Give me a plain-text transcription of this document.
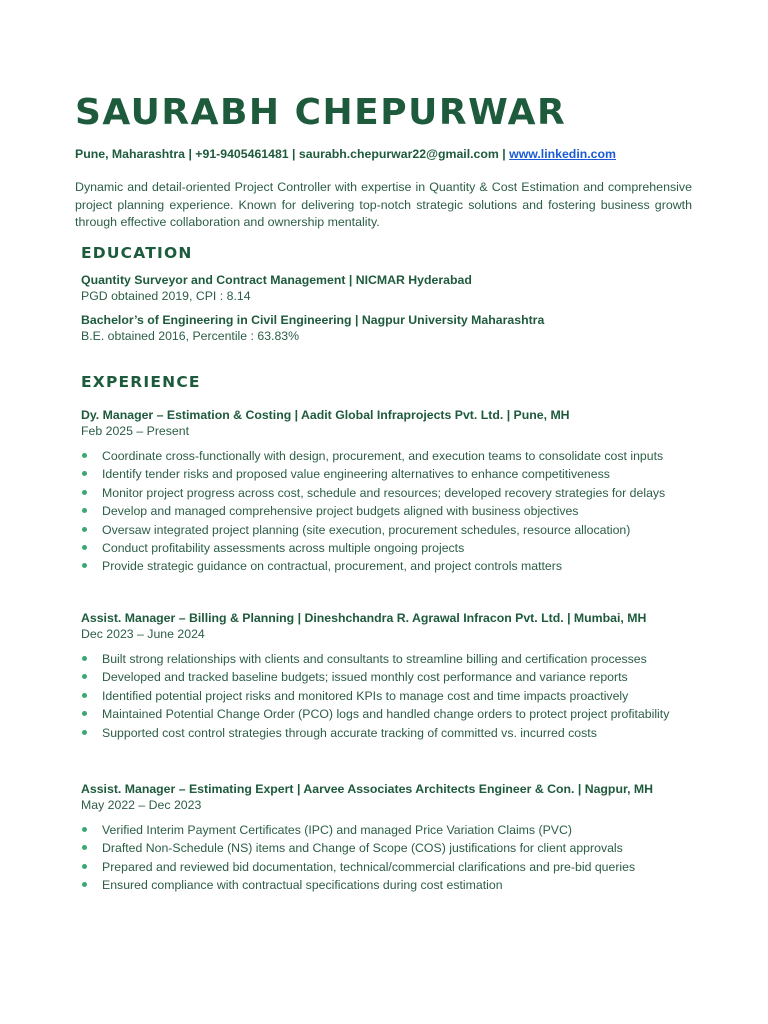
SAURABH CHEPURWAR
Pune, Maharashtra | +91-9405461481 | saurabh.chepurwar22@gmail.com | www.linkedin.com
Dynamic and detail-oriented Project Controller with expertise in Quantity & Cost Estimation and comprehensive project planning experience. Known for delivering top-notch strategic solutions and fostering business growth through effective collaboration and ownership mentality.
EDUCATION
Quantity Surveyor and Contract Management | NICMAR Hyderabad
PGD obtained 2019, CPI : 8.14
Bachelor’s of Engineering in Civil Engineering | Nagpur University Maharashtra
B.E. obtained 2016, Percentile : 63.83%
EXPERIENCE
Dy. Manager – Estimation & Costing | Aadit Global Infraprojects Pvt. Ltd. | Pune, MH
Feb 2025 – Present
Coordinate cross-functionally with design, procurement, and execution teams to consolidate cost inputs
Identify tender risks and proposed value engineering alternatives to enhance competitiveness
Monitor project progress across cost, schedule and resources; developed recovery strategies for delays
Develop and managed comprehensive project budgets aligned with business objectives
Oversaw integrated project planning (site execution, procurement schedules, resource allocation)
Conduct profitability assessments across multiple ongoing projects
Provide strategic guidance on contractual, procurement, and project controls matters
Assist. Manager – Billing & Planning | Dineshchandra R. Agrawal Infracon Pvt. Ltd. | Mumbai, MH
Dec 2023 – June 2024
Built strong relationships with clients and consultants to streamline billing and certification processes
Developed and tracked baseline budgets; issued monthly cost performance and variance reports
Identified potential project risks and monitored KPIs to manage cost and time impacts proactively
Maintained Potential Change Order (PCO) logs and handled change orders to protect project profitability
Supported cost control strategies through accurate tracking of committed vs. incurred costs
Assist. Manager – Estimating Expert | Aarvee Associates Architects Engineer & Con. | Nagpur, MH
May 2022 – Dec 2023
Verified Interim Payment Certificates (IPC) and managed Price Variation Claims (PVC)
Drafted Non-Schedule (NS) items and Change of Scope (COS) justifications for client approvals
Prepared and reviewed bid documentation, technical/commercial clarifications and pre-bid queries
Ensured compliance with contractual specifications during cost estimation
